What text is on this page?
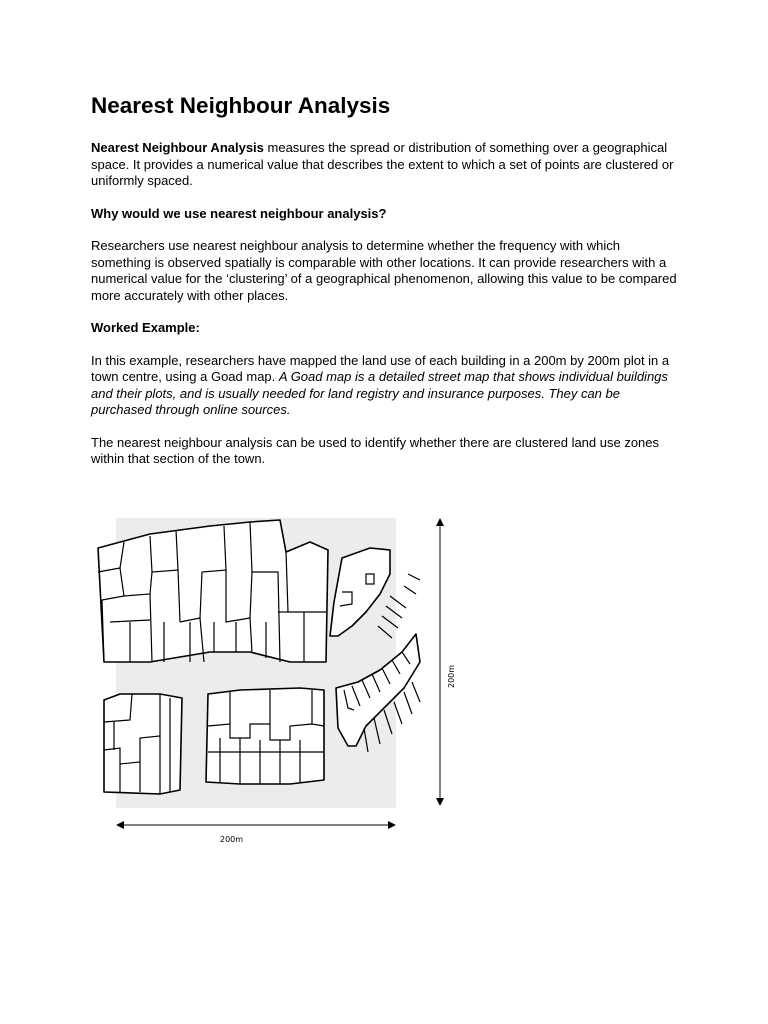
Nearest Neighbour Analysis

Nearest Neighbour Analysis measures the spread or distribution of something over a geographical space. It provides a numerical value that describes the extent to which a set of points are clustered or uniformly spaced.

Why would we use nearest neighbour analysis?

Researchers use nearest neighbour analysis to determine whether the frequency with which something is observed spatially is comparable with other locations. It can provide researchers with a numerical value for the ‘clustering’ of a geographical phenomenon, allowing this value to be compared more accurately with other places.

Worked Example:

In this example, researchers have mapped the land use of each building in a 200m by 200m plot in a town centre, using a Goad map. A Goad map is a detailed street map that shows individual buildings and their plots, and is usually needed for land registry and insurance purposes. They can be purchased through online sources.

The nearest neighbour analysis can be used to identify whether there are clustered land use zones within that section of the town.

200m
200m
